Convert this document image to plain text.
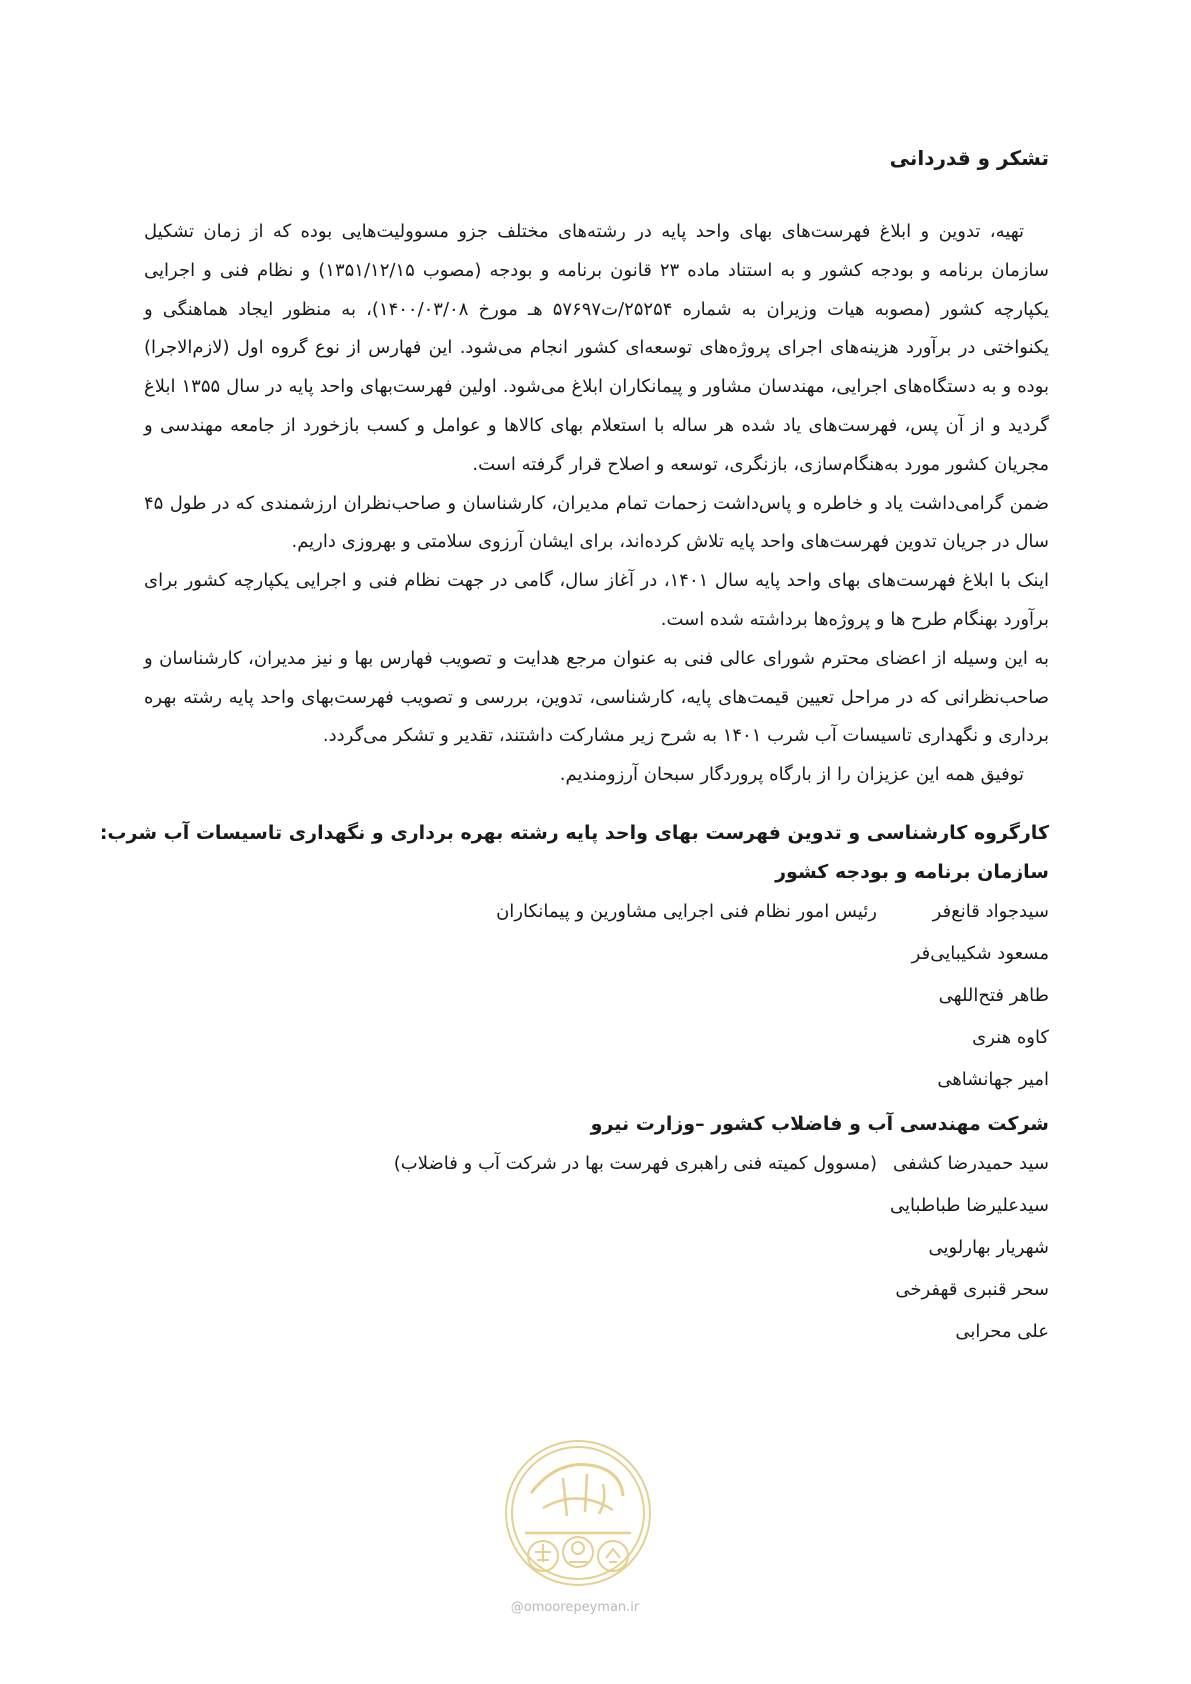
تشکر و قدردانی

تهیه، تدوین و ابلاغ فهرست‌های بهای واحد پایه در رشته‌های مختلف جزو مسوولیت‌هایی بوده که از زمان تشکیل سازمان برنامه و بودجه کشور و به استناد ماده ۲۳ قانون برنامه و بودجه (مصوب ۱۳۵۱/۱۲/۱۵) و نظام فنی و اجرایی یکپارچه کشور (مصوبه هیات وزیران به شماره ۲۵۲۵۴/ت۵۷۶۹۷ هـ مورخ ۱۴۰۰/۰۳/۰۸)، به منظور ایجاد هماهنگی و یکنواختی در برآورد هزینه‌های اجرای پروژه‌های توسعه‌ای کشور انجام می‌شود. این فهارس از نوع گروه اول (لازم‌الاجرا) بوده و به دستگاه‌های اجرایی، مهندسان مشاور و پیمانکاران ابلاغ می‌شود. اولین فهرست‌بهای واحد پایه در سال ۱۳۵۵ ابلاغ گردید و از آن پس، فهرست‌های یاد شده هر ساله با استعلام بهای کالاها و عوامل و کسب بازخورد از جامعه مهندسی و مجریان کشور مورد به‌هنگام‌سازی، بازنگری، توسعه و اصلاح قرار گرفته است.

ضمن گرامی‌داشت یاد و خاطره و پاس‌داشت زحمات تمام مدیران، کارشناسان و صاحب‌نظران ارزشمندی که در طول ۴۵ سال در جریان تدوین فهرست‌های واحد پایه تلاش کرده‌اند، برای ایشان آرزوی سلامتی و بهروزی داریم.

اینک با ابلاغ فهرست‌های بهای واحد پایه سال ۱۴۰۱، در آغاز سال، گامی در جهت نظام فنی و اجرایی یکپارچه کشور برای برآورد بهنگام طرح ها و پروژه‌ها برداشته شده است.

به این وسیله از اعضای محترم شورای عالی فنی به عنوان مرجع هدایت و تصویب فهارس بها و نیز مدیران، کارشناسان و صاحب‌نظرانی که در مراحل تعیین قیمت‌های پایه، کارشناسی، تدوین، بررسی و تصویب فهرست‌بهای واحد پایه رشته بهره برداری و نگهداری تاسیسات آب شرب ۱۴۰۱ به شرح زیر مشارکت داشتند، تقدیر و تشکر می‌گردد.

توفیق همه این عزیزان را از بارگاه پروردگار سبحان آرزومندیم.

کارگروه کارشناسی و تدوین فهرست بهای واحد پایه رشته بهره برداری و نگهداری تاسیسات آب شرب:
سازمان برنامه و بودجه کشور
سیدجواد قانع‌فررئیس امور نظام فنی اجرایی مشاورین و پیمانکاران
مسعود شکیبایی‌فر
طاهر فتح‌اللهی
کاوه هنری
امیر جهانشاهی
شرکت مهندسی آب و فاضلاب کشور –وزارت نیرو
سید حمیدرضا کشفی(مسوول کمیته فنی راهبری فهرست بها در شرکت آب و فاضلاب)
سیدعلیرضا طباطبایی
شهریار بهارلویی
سحر قنبری قهفرخی
علی محرابی
@omoorepeyman.ir
